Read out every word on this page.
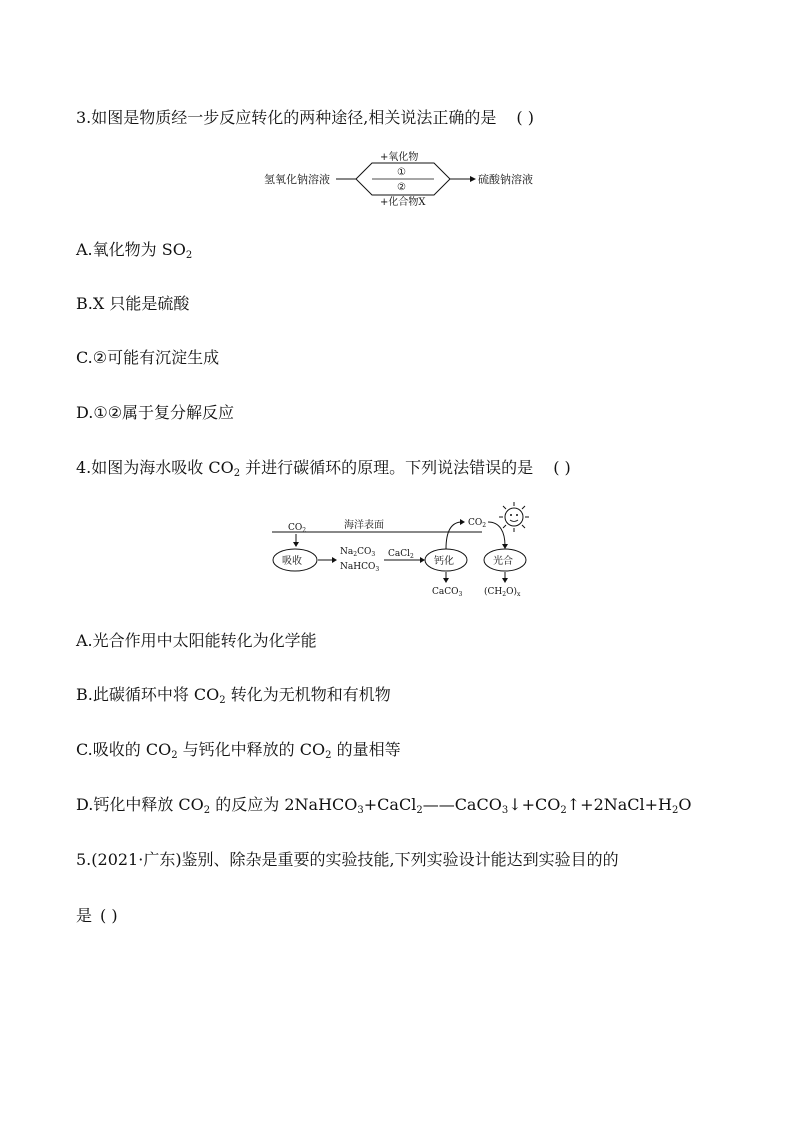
3.如图是物质经一步反应转化的两种途径,相关说法正确的是 ( )
氢氧化钠溶液
+氧化物
①
②
+化合物X
硫酸钠溶液
A.氧化物为 $SO_2$
B.X 只能是硫酸
C.②可能有沉淀生成
D.①②属于复分解反应
4.如图为海水吸收 $CO_2$ 并进行碳循环的原理。下列说法错误的是 ( )
$CO_2$	海洋表面
吸收
$Na_2CO_3$
NaHCO$_3$
CaCl$_2$ 钙化
$CO_2$
光合
CaCO$_3$ $(CH_2O)_x$
A.光合作用中太阳能转化为化学能
B.此碳循环中将 $CO_2$ 转化为无机物和有机物
C.吸收的 $CO_2$ 与钙化中释放的 $CO_2$ 的量相等
D.钙化中释放 $CO_2$ 的反应为 $2NaHCO_3+CaCl_2——CaCO_3↓+CO_2↑+2NaCl+H_2O$
5.(2021·广东)鉴别、除杂是重要的实验技能,下列实验设计能达到实验目的的
是 ( )
